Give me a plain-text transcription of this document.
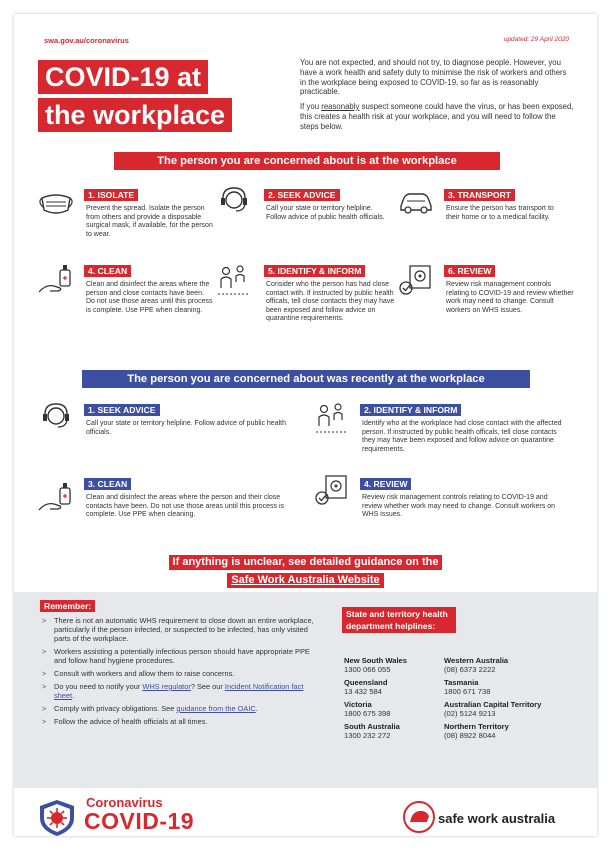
swa.gov.au/coronavirus	updated: 29 April 2020
COVID-19 at
the workplace

You are not expected, and should not try, to diagnose people. However, you have a work health and safety duty to minimise the risk of workers and others in the workplace being exposed to COVID-19, so far as is reasonably practicable.

If you reasonably suspect someone could have the virus, or has been exposed, this creates a health risk at your workplace, and you will need to follow the steps below.

The person you are concerned about is at the workplace
1. ISOLATE

Prevent the spread. Isolate the person from others and provide a disposable surgical mask, if available, for the person to wear.

2. SEEK ADVICE

Call your state or territory helpline. Follow advice of public health officials.

3. TRANSPORT

Ensure the person has transport to their home or to a medical facility.

4. CLEAN

Clean and disinfect the areas where the person and close contacts have been. Do not use those areas until this process is complete. Use PPE when cleaning.

5. IDENTIFY & INFORM

Consider who the person has had close contact with. If instructed by public health officals, tell close contacts they may have been exposed and follow advice on quarantine requirements.

6. REVIEW

Review risk management controls relating to COVID-19 and review whether work may need to change. Consult workers on WHS issues.

The person you are concerned about was recently at the workplace
1. SEEK ADVICE

Call your state or territory helpline. Follow advice of public health officials.

2. IDENTIFY & INFORM

Identify who at the workplace had close contact with the affected person. If instructed by public health officals, tell close contacts they may have been exposed and follow advice on quarantine requirements.

3. CLEAN

Clean and disinfect the areas where the person and their close contacts have been. Do not use those areas until this process is complete. Use PPE when cleaning.

4. REVIEW

Review risk management controls relating to COVID-19 and review whether work may need to change. Consult workers on WHS issues.

If anything is unclear, see detailed guidance on the
Safe Work Australia Website
Remember:
> There is not an automatic WHS requirement to close down an entire workplace, particularly if the person infected, or suspected to be infected, has only visited parts of the workplace.
> Workers assisting a potentially infectious person should have appropriate PPE and follow hand hygiene procedures.
> Consult with workers and allow them to raise concerns.
> Do you need to notify your WHS regulator? See our Incident Notification fact sheet.
> Comply with privacy obligations. See guidance from the OAIC.
> Follow the advice of health officials at all times.
State and territory health department helplines:
New South Wales
1300 066 055
Western Australia
(08) 6373 2222
Queensland
13 432 584
Tasmania
1800 671 738
Victoria
1800 675 398
Australian Capital Territory
(02) 5124 9213
South Australia
1300 232 272
Northern Territory
(08) 8922 8044
Coronavirus
COVID-19	safe work australia
